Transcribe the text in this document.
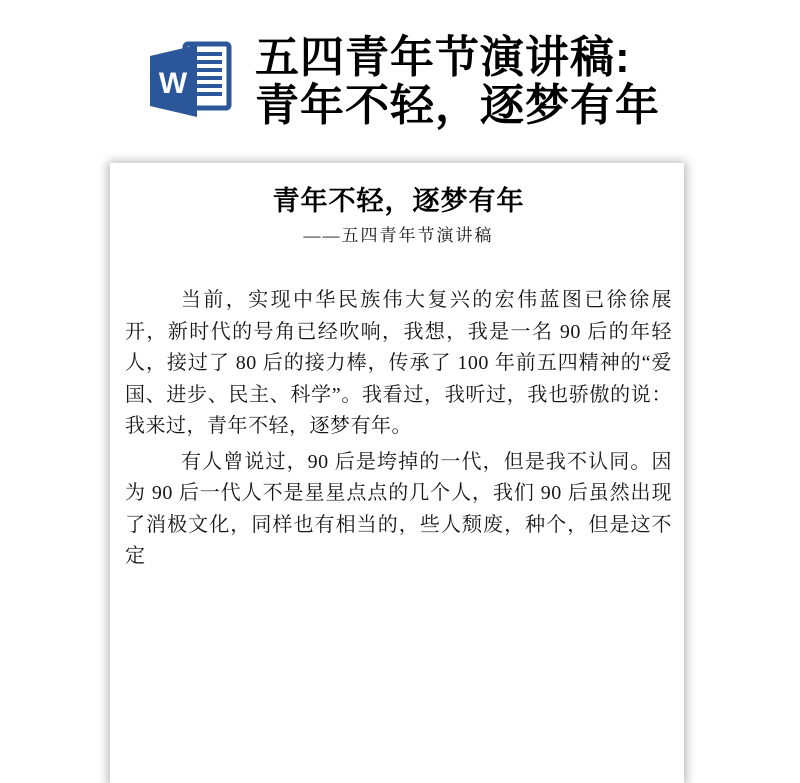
W
五四青年节演讲稿:
青年不轻，逐梦有年
青年不轻，逐梦有年
——五四青年节演讲稿

当前，实现中华民族伟大复兴的宏伟蓝图已徐徐展开，新时代的号角已经吹响，我想，我是一名 90 后的年轻人，接过了 80 后的接力棒，传承了 100 年前五四精神的“爱国、进步、民主、科学”。我看过，我听过，我也骄傲的说：我来过，青年不轻，逐梦有年。

有人曾说过，90 后是垮掉的一代，但是我不认同。因为 90 后一代人不是星星点点的几个人，我们 90 后虽然出现了消极文化，同样也有相当的，些人颓废，种个，但是这不定
